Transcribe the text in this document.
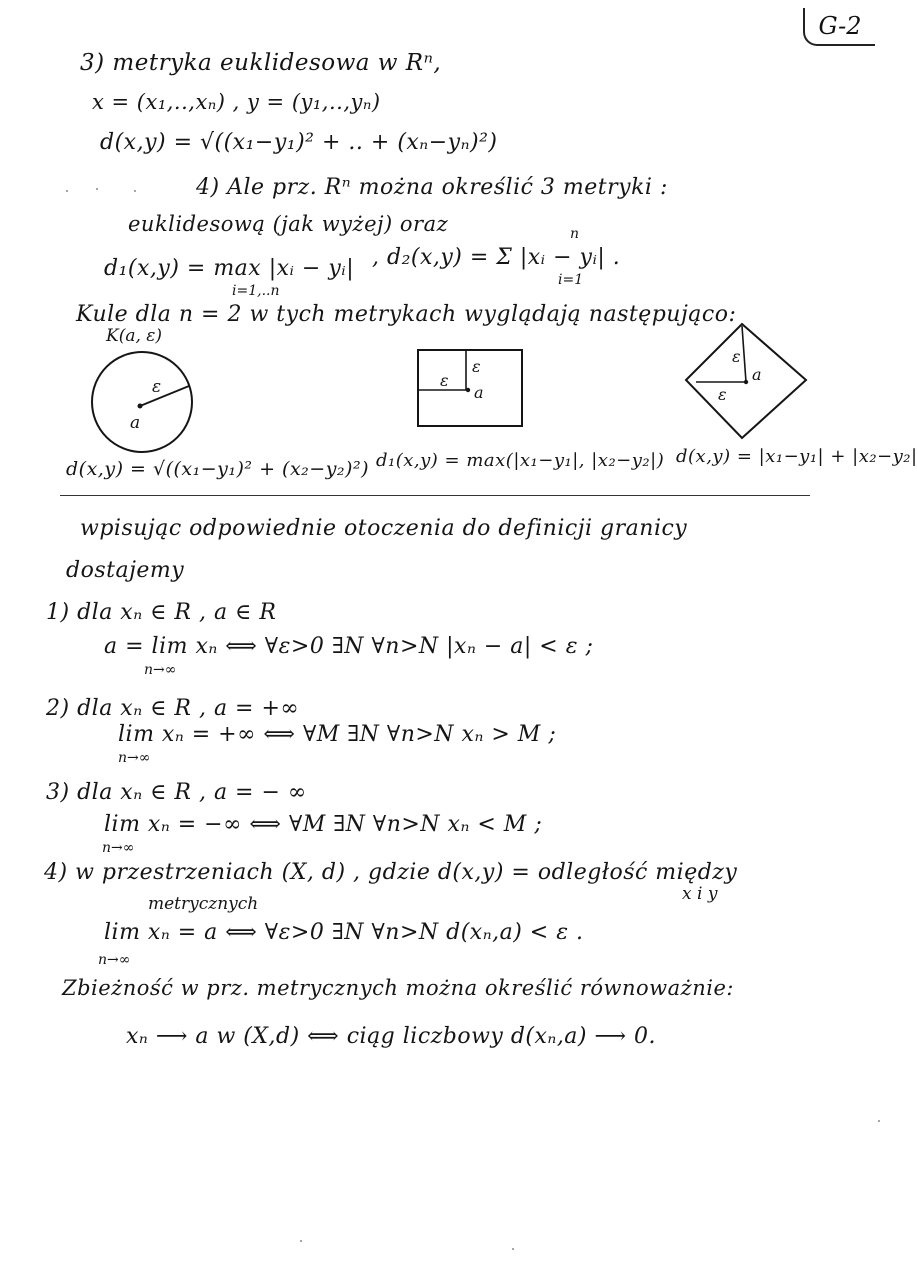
G-2
3) metryka euklidesowa w Rⁿ,
x = (x₁,..,xₙ) , y = (y₁,..,yₙ)
d(x,y) = √((x₁−y₁)² + .. + (xₙ−yₙ)²)
4) Ale prz. Rⁿ można określić 3 metryki :
euklidesową (jak wyżej) oraz
d₁(x,y) = max |xᵢ − yᵢ|
i=1,..n
, d₂(x,y) = Σ |xᵢ − yᵢ| .
n
i=1
Kule dla n = 2 w tych metrykach wyglądają następująco:
K(a, ε)
ε
a
d(x,y) = √((x₁−y₁)² + (x₂−y₂)²)
ε
ε
a
d₁(x,y) = max(|x₁−y₁|, |x₂−y₂|)
ε
ε
a
d(x,y) = |x₁−y₁| + |x₂−y₂|
wpisując odpowiednie otoczenia do definicji granicy
dostajemy
1) dla xₙ ∈ R , a ∈ R
a = lim xₙ ⟺ ∀ε>0 ∃N ∀n>N |xₙ − a| < ε ;
n→∞
2) dla xₙ ∈ R , a = +∞
lim xₙ = +∞ ⟺ ∀M ∃N ∀n>N xₙ > M ;
n→∞
3) dla xₙ ∈ R , a = − ∞
lim xₙ = −∞ ⟺ ∀M ∃N ∀n>N xₙ < M ;
n→∞
4) w przestrzeniach (X, d) , gdzie d(x,y) = odległość między
metrycznych	x i y
lim xₙ = a ⟺ ∀ε>0 ∃N ∀n>N d(xₙ,a) < ε .
n→∞
Zbieżność w prz. metrycznych można określić równoważnie:
xₙ ⟶ a w (X,d) ⟺ ciąg liczbowy d(xₙ,a) ⟶ 0.
